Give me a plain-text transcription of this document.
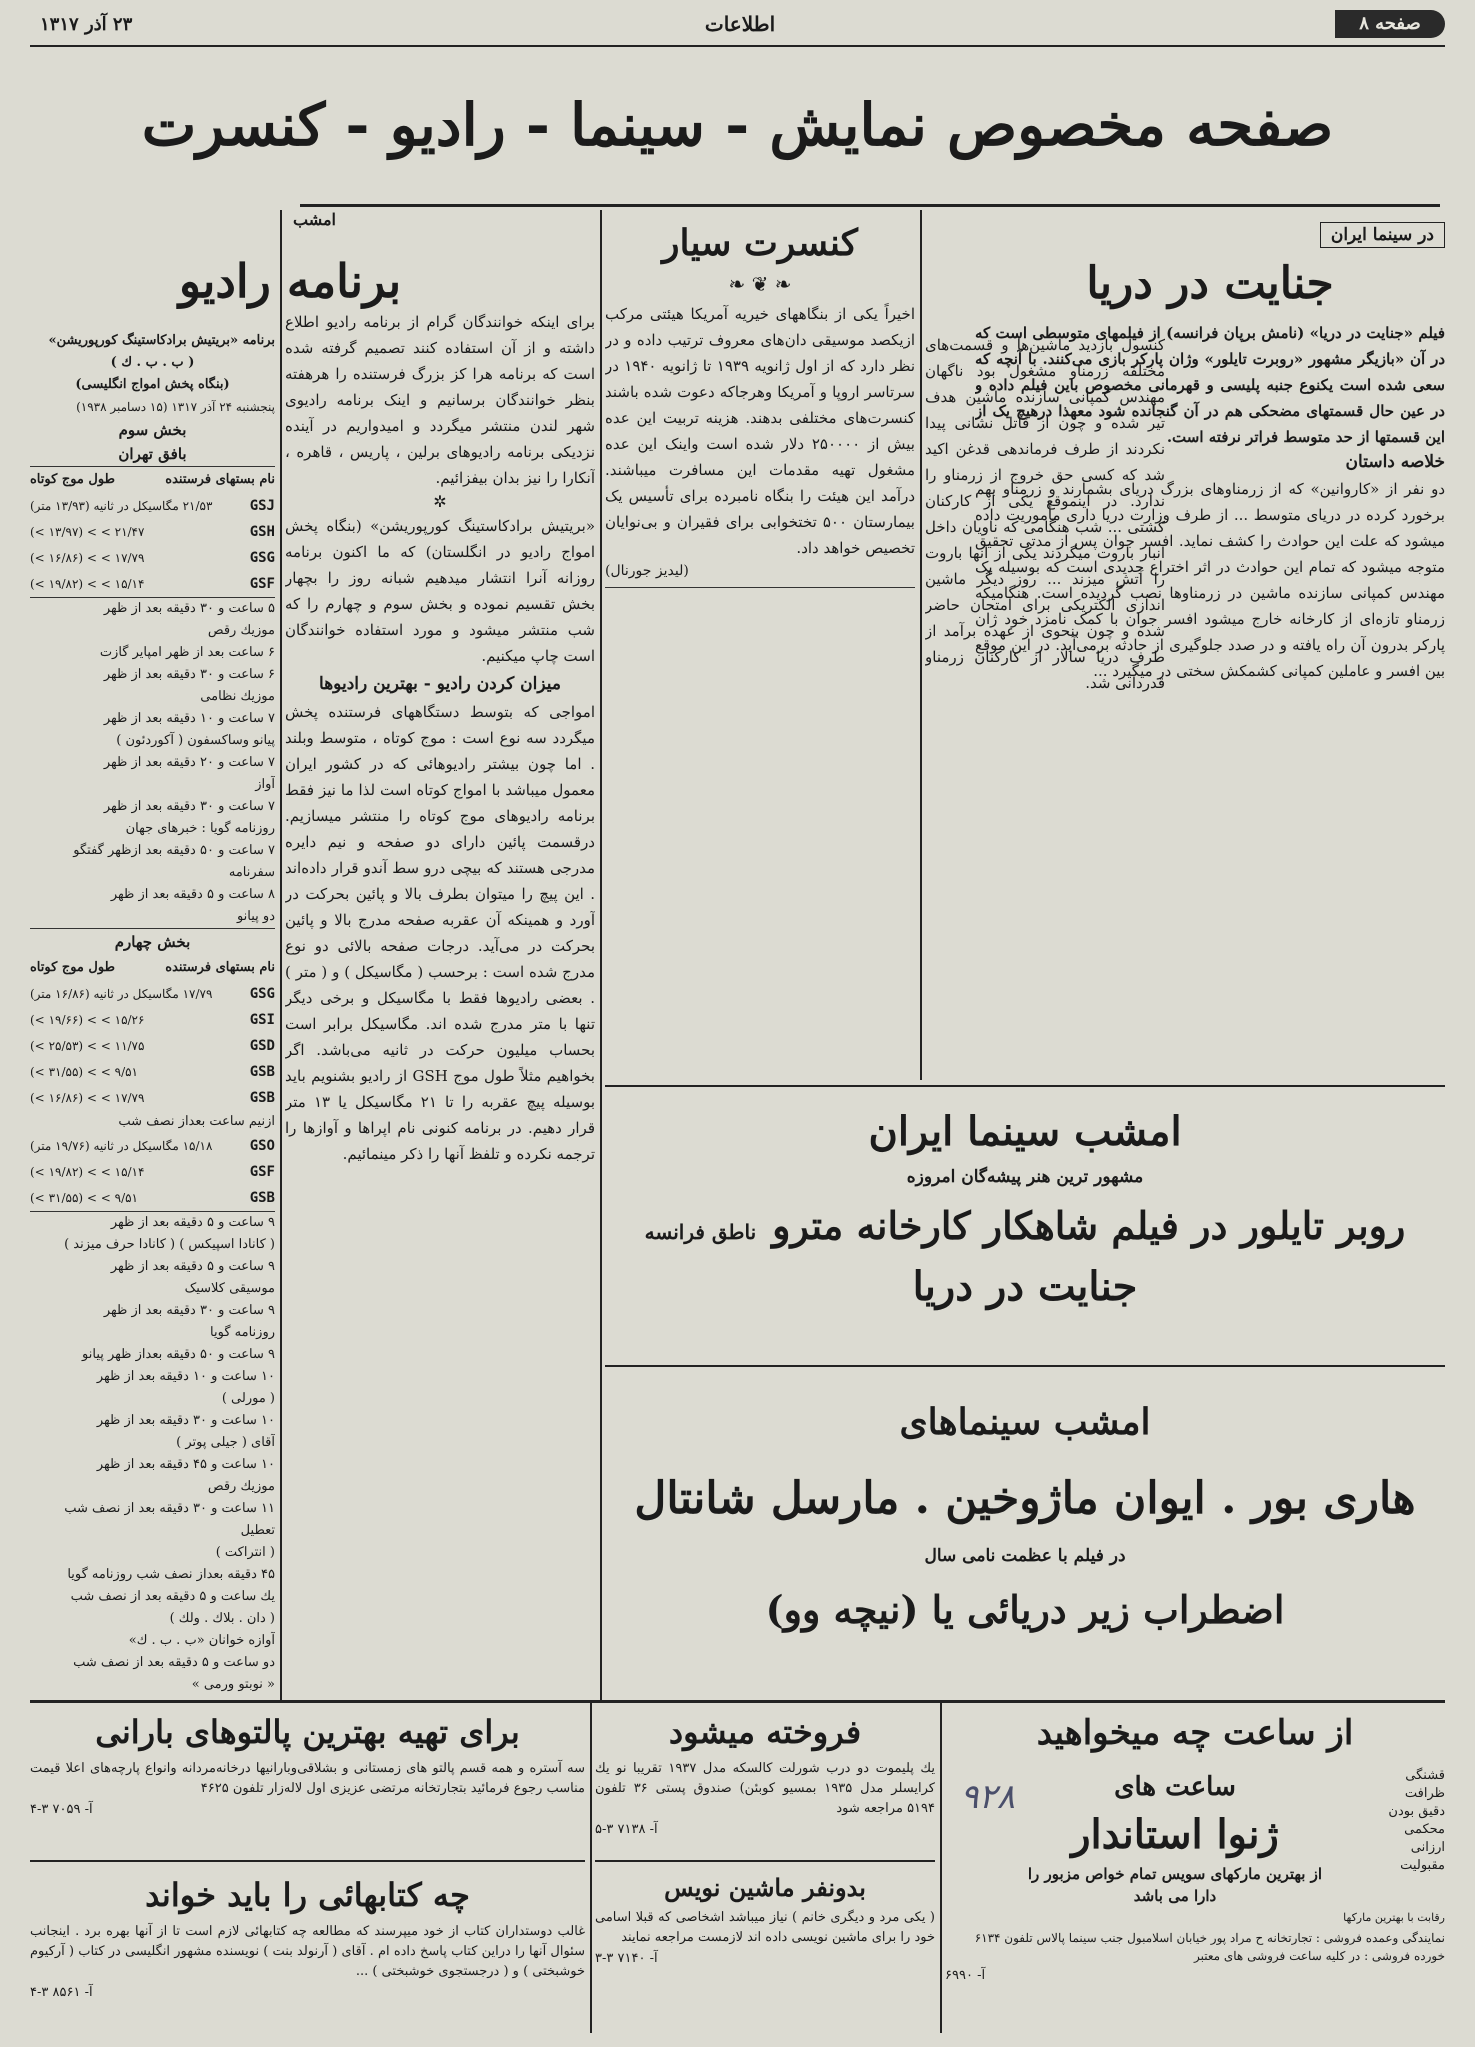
صفحه ۸
اطلاعات
۲۳ آذر ۱۳۱۷
صفحه مخصوص نمایش - سینما - رادیو - کنسرت
در سینما ایران
جنایت در دریا
فیلم «جنایت در دریا» (نامش برپان فرانسه) از فیلمهای متوسطی است که در آن «بازیگر مشهور «روبرت تایلور» وژان پارکر بازی می‌کنند. با آنچه که سعی شده است یکنوع جنبه پلیسی و قهرمانی مخصوص باین فیلم داده و در عین حال قسمتهای مضحکی هم در آن گنجانده شود معهذا درهیچ یک از این قسمتها از حد متوسط فراتر نرفته است.
خلاصه داستان
دو نفر از «کاروانین» که از زرمناوهای بزرگ دریای بشمارند و زرمناو بهم برخورد کرده در دریای متوسط ... از طرف وزارت دریا داری مأموریت داده میشود که علت این حوادث را کشف نماید. افسر جوان پس از مدتی تحقیق متوجه میشود که تمام این حوادث در اثر اختراع جدیدی است که بوسیله یک مهندس کمپانی سازنده ماشین در زرمناوها نصب گردیده است. هنگامیکه زرمناو تازه‌ای از کارخانه خارج میشود افسر جوان با کمک نامزد خود ژان پارکر بدرون آن راه یافته و در صدد جلوگیری از حادثه برمی‌آید. در این موقع بین افسر و عاملین کمپانی کشمکش سختی در میگیرد ...
کنسول بازدید ماشین‌ها و قسمت‌های مختلفه زرمناو مشغول بود ناگهان مهندس کمپانی سازنده ماشین هدف تیر شده و چون از قاتل نشانی پیدا نکردند از طرف فرماندهی قدغن اکید شد که کسی حق خروج از زرمناو را ندارد. در اینموقع یکی از کارکنان کشتی ... شب هنگامی که ناویان داخل انبار باروت میگردند یکی از آنها باروت را آتش میزند ... روز دیگر ماشین اندازی الکتریکی برای امتحان حاضر شده و چون بنحوی از عهده برآمد از طرف دریا سالار از کارکنان زرمناو قدردانی شد.
کنسرت سیار
❧ ❦ ❧
اخیراً یکی از بنگاههای خیریه آمریکا هیئتی مرکب ازیکصد موسیقی دان‌های معروف ترتیب داده و در نظر دارد که از اول ژانویه ۱۹۳۹ تا ژانویه ۱۹۴۰ در سرتاسر اروپا و آمریکا وهرجاکه دعوت شده باشند کنسرت‌های مختلفی بدهند. هزینه تربیت این عده بیش از ۲۵۰۰۰۰ دلار شده است واینک این عده مشغول تهیه مقدمات این مسافرت میباشند. درآمد این هیئت را بنگاه نامبرده برای تأسیس یک بیمارستان ۵۰۰ تختخوابی برای فقیران و بی‌نوایان تخصیص خواهد داد.
(لیدیز جورنال)
امشب
برای اینکه خوانندگان گرام از برنامه رادیو اطلاع داشته و از آن استفاده کنند تصمیم گرفته شده است که برنامه هرا کز بزرگ فرستنده را هرهفته بنظر خوانندگان برسانیم و اینک برنامه رادیوی شهر لندن منتشر میگردد و امیدواریم در آینده نزدیکی برنامه رادیوهای برلین ، پاریس ، قاهره ، آنکارا را نیز بدان بیفزائیم.
✲
«بریتیش برادکاستینگ کورپوریشن» (بنگاه پخش امواج رادیو در انگلستان) که ما اکنون برنامه روزانه آنرا انتشار میدهیم شبانه روز را بچهار بخش تقسیم نموده و بخش سوم و چهارم را که شب منتشر میشود و مورد استفاده خوانندگان است چاپ میکنیم.
میزان کردن رادیو - بهترین رادیوها
امواجی که بتوسط دستگاههای فرستنده پخش میگردد سه نوع است : موج کوتاه ، متوسط وبلند . اما چون بیشتر رادیوهائی که در کشور ایران معمول میباشد با امواج کوتاه است لذا ما نیز فقط برنامه رادیوهای موج کوتاه را منتشر میسازیم. درقسمت پائین دارای دو صفحه و نیم دایره مدرجی هستند که بیچی درو سط آندو قرار داده‌اند . این پیچ را میتوان بطرف بالا و پائین بحرکت در آورد و همینکه آن عقربه صفحه مدرج بالا و پائین بحرکت در می‌آید. درجات صفحه بالائی دو نوع مدرج شده است : برحسب ( مگاسیکل ) و ( متر ) . بعضی رادیوها فقط با مگاسیکل و برخی دیگر تنها با متر مدرج شده اند. مگاسیکل برابر است بحساب میلیون حرکت در ثانیه می‌باشد. اگر بخواهیم مثلاً طول موج GSH از رادیو بشنویم باید بوسیله پیچ عقربه را تا ۲۱ مگاسیکل یا ۱۳ متر قرار دهیم. در برنامه کنونی نام اپراها و آوازها را ترجمه نکرده و تلفظ آنها را ذکر مینمائیم.
برنامه رادیو
برنامه «بریتیش برادکاستینگ کورپوریشن»
( ب . ب . ك )
(بنگاه پخش امواج انگلیسی)
پنجشنبه ۲۴ آذر ۱۳۱۷ (۱۵ دسامبر ۱۹۳۸)
بخش سوم
بافق تهران
نام بستهای فرستنده
طول موج کوتاه
GSJ
۲۱/۵۳ مگاسیکل در ثانیه (۱۳/۹۳ متر)
GSH
۲۱/۴۷ > > (۱۳/۹۷ >)
GSG
۱۷/۷۹ > > (۱۶/۸۶ >)
GSF
۱۵/۱۴ > > (۱۹/۸۲ >)
۵ ساعت و ۳۰ دقیقه بعد از ظهر
موزیك رقص
۶ ساعت بعد از ظهر امپایر گازت
۶ ساعت و ۳۰ دقیقه بعد از ظهر
موزیك نظامی
۷ ساعت و ۱۰ دقیقه بعد از ظهر
پیانو وساکسفون ( آکوردئون )
۷ ساعت و ۲۰ دقیقه بعد از ظهر
آواز
۷ ساعت و ۳۰ دقیقه بعد از ظهر
روزنامه گویا : خبرهای جهان
۷ ساعت و ۵۰ دقیقه بعد ازظهر گفتگو
سفرنامه
۸ ساعت و ۵ دقیقه بعد از ظهر
دو پیانو
بخش چهارم
نام بستهای فرستنده
طول موج کوتاه
GSG
۱۷/۷۹ مگاسیکل در ثانیه (۱۶/۸۶ متر)
GSI
۱۵/۲۶ > > (۱۹/۶۶ >)
GSD
۱۱/۷۵ > > (۲۵/۵۳ >)
GSB
۹/۵۱ > > (۳۱/۵۵ >)
GSB
۱۷/۷۹ > > (۱۶/۸۶ >)
ازنیم ساعت بعداز نصف شب
GSO
۱۵/۱۸ مگاسیکل در ثانیه (۱۹/۷۶ متر)
GSF
۱۵/۱۴ > > (۱۹/۸۲ >)
GSB
۹/۵۱ > > (۳۱/۵۵ >)
۹ ساعت و ۵ دقیقه بعد از ظهر
( کانادا اسپیکس ) ( کانادا حرف میزند )
۹ ساعت و ۵ دقیقه بعد از ظهر
موسیقی کلاسیک
۹ ساعت و ۳۰ دقیقه بعد از ظهر
روزنامه گویا
۹ ساعت و ۵۰ دقیقه بعداز ظهر پیانو
۱۰ ساعت و ۱۰ دقیقه بعد از ظهر
( مورلی )
۱۰ ساعت و ۳۰ دقیقه بعد از ظهر
آقای ( جیلی پوتر )
۱۰ ساعت و ۴۵ دقیقه بعد از ظهر
موزیك رقص
۱۱ ساعت و ۳۰ دقیقه بعد از نصف شب تعطیل
( انتراکت )
۴۵ دقیقه بعداز نصف شب روزنامه گویا
یك ساعت و ۵ دقیقه بعد از نصف شب
( دان . بلاك . ولك )
آوازه خوانان «ب . ب . ك»
دو ساعت و ۵ دقیقه بعد از نصف شب
« نوبتو ورمی »
امشب سینما ایران
مشهور ترین هنر پیشه‌گان امروزه
روبر تایلور در فیلم شاهکار کارخانه مترو
ناطق فرانسه
جنایت در دریا
امشب سینماهای
هاری بور . ایوان ماژوخین . مارسل شانتال
در فیلم با عظمت نامی سال
اضطراب زیر دریائی یا (نیچه وو)
از ساعت چه میخواهید
قشنگی
ظرافت
دقیق بودن
محکمی
ارزانی
مقبولیت
ساعت های
ژنوا استاندار
از بهترین مارکهای سویس تمام خواص مزبور را دارا می باشد
۹۲۸
رقابت با بهترین مارکها
نمایندگی وعمده فروشی : تجارتخانه ح مراد پور خیابان اسلامبول جنب سینما پالاس تلفون ۶۱۳۴
خورده فروشی : در کلیه ساعت فروشی های معتبر
آ- ۶۹۹۰
فروخته میشود
یك پلیموت دو درب شورلت کالسکه مدل ۱۹۳۷ تقریبا نو یك کرایسلر مدل ۱۹۳۵ بمسیو کوبئن) صندوق پستی ۳۶ تلفون ۵۱۹۴ مراجعه شود
آ- ۷۱۳۸ ۳-۵
بدونفر ماشین نویس
( یکی مرد و دیگری خانم ) نیاز میباشد اشخاصی که قبلا اسامی خود را برای ماشین نویسی داده اند لازمست مراجعه نمایند
آ- ۷۱۴۰ ۳-۳
برای تهیه بهترین پالتوهای بارانی
سه آستره و همه قسم پالتو های زمستانی و بشلاقی‌وبارانیها درخانه‌مردانه وانواع پارچه‌های اعلا قیمت مناسب رجوع فرمائید بتجارتخانه مرتضی عزیزی اول لاله‌زار تلفون ۴۶۲۵
آ- ۷۰۵۹ ۳-۴
چه کتابهائی را باید خواند
غالب دوستداران کتاب از خود میپرسند که مطالعه چه کتابهائی لازم است تا از آنها بهره برد . اینجانب سئوال آنها را دراین کتاب پاسخ داده ام . آقای ( آرنولد بنت ) نویسنده مشهور انگلیسی در کتاب ( آرکیوم خوشبختی ) و ( درجستجوی خوشبختی ) ...
آ- ۸۵۶۱ ۳-۴
